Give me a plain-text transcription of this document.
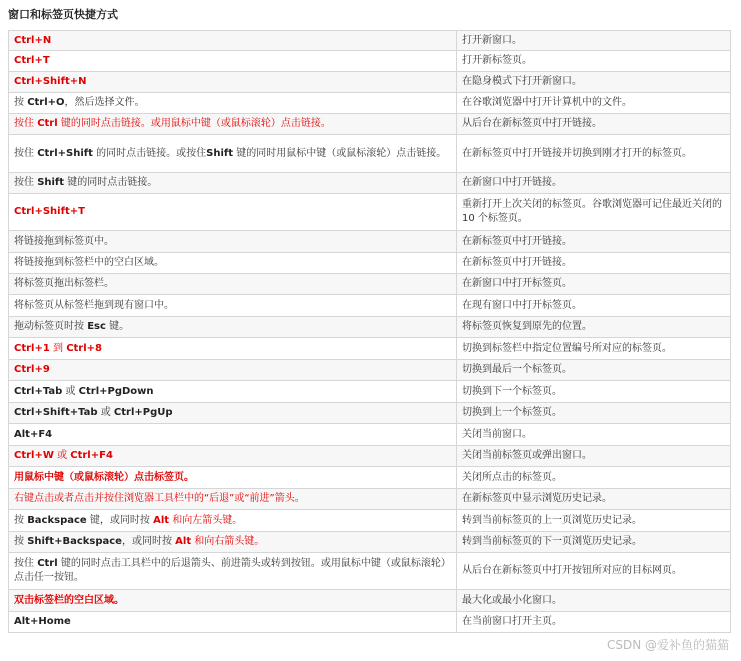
窗口和标签页快捷方式
Ctrl+N	打开新窗口。
Ctrl+T	打开新标签页。
Ctrl+Shift+N	在隐身模式下打开新窗口。
按 Ctrl+O，然后选择文件。	在谷歌浏览器中打开计算机中的文件。
按住 Ctrl 键的同时点击链接。或用鼠标中键（或鼠标滚轮）点击链接。	从后台在新标签页中打开链接。
按住 Ctrl+Shift 的同时点击链接。或按住Shift 键的同时用鼠标中键（或鼠标滚轮）点击链接。	在新标签页中打开链接并切换到刚才打开的标签页。
按住 Shift 键的同时点击链接。	在新窗口中打开链接。
Ctrl+Shift+T	重新打开上次关闭的标签页。谷歌浏览器可记住最近关闭的 10 个标签页。
将链接拖到标签页中。	在新标签页中打开链接。
将链接拖到标签栏中的空白区域。	在新标签页中打开链接。
将标签页拖出标签栏。	在新窗口中打开标签页。
将标签页从标签栏拖到现有窗口中。	在现有窗口中打开标签页。
拖动标签页时按 Esc 键。	将标签页恢复到原先的位置。
Ctrl+1 到 Ctrl+8	切换到标签栏中指定位置编号所对应的标签页。
Ctrl+9	切换到最后一个标签页。
Ctrl+Tab 或 Ctrl+PgDown	切换到下一个标签页。
Ctrl+Shift+Tab 或 Ctrl+PgUp	切换到上一个标签页。
Alt+F4	关闭当前窗口。
Ctrl+W 或 Ctrl+F4	关闭当前标签页或弹出窗口。
用鼠标中键（或鼠标滚轮）点击标签页。	关闭所点击的标签页。
右键点击或者点击并按住浏览器工具栏中的“后退”或“前进”箭头。	在新标签页中显示浏览历史记录。
按 Backspace 键，或同时按 Alt 和向左箭头键。	转到当前标签页的上一页浏览历史记录。
按 Shift+Backspace，或同时按 Alt 和向右箭头键。	转到当前标签页的下一页浏览历史记录。
按住 Ctrl 键的同时点击工具栏中的后退箭头、前进箭头或转到按钮。或用鼠标中键（或鼠标滚轮）点击任一按钮。	从后台在新标签页中打开按钮所对应的目标网页。
双击标签栏的空白区域。	最大化或最小化窗口。
Alt+Home	在当前窗口打开主页。
CSDN @爱补鱼的猫猫
